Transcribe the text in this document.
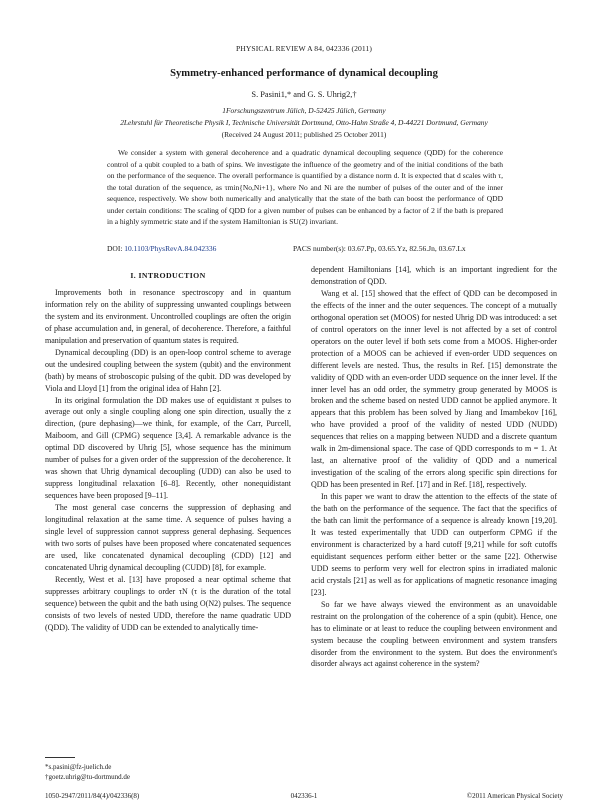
PHYSICAL REVIEW A 84, 042336 (2011)
Symmetry-enhanced performance of dynamical decoupling
S. Pasini1,* and G. S. Uhrig2,†
1Forschungszentrum Jülich, D-52425 Jülich, Germany
2Lehrstuhl für Theoretische Physik I, Technische Universität Dortmund, Otto-Hahn Straße 4, D-44221 Dortmund, Germany
(Received 24 August 2011; published 25 October 2011)

We consider a system with general decoherence and a quadratic dynamical decoupling sequence (QDD) for the coherence control of a qubit coupled to a bath of spins. We investigate the influence of the geometry and of the initial conditions of the bath on the performance of the sequence. The overall performance is quantified by a distance norm d. It is expected that d scales with τ, the total duration of the sequence, as τmin{No,Ni+1}, where No and Ni are the number of pulses of the outer and of the inner sequence, respectively. We show both numerically and analytically that the state of the bath can boost the performance of QDD under certain conditions: The scaling of QDD for a given number of pulses can be enhanced by a factor of 2 if the bath is prepared in a highly symmetric state and if the system Hamiltonian is SU(2) invariant.

DOI: 10.1103/PhysRevA.84.042336	PACS number(s): 03.67.Pp, 03.65.Yz, 82.56.Jn, 03.67.Lx
I. INTRODUCTION

Improvements both in resonance spectroscopy and in quantum information rely on the ability of suppressing unwanted couplings between the system and its environment. Uncontrolled couplings are often the origin of phase accumulation and, in general, of decoherence. Therefore, a faithful manipulation and preservation of quantum states is required.

Dynamical decoupling (DD) is an open-loop control scheme to average out the undesired coupling between the system (qubit) and the environment (bath) by means of stroboscopic pulsing of the qubit. DD was developed by Viola and Lloyd [1] from the original idea of Hahn [2].

In its original formulation the DD makes use of equidistant π pulses to average out only a single coupling along one spin direction, usually the z direction, (pure dephasing)—we think, for example, of the Carr, Purcell, Maiboom, and Gill (CPMG) sequence [3,4]. A remarkable advance is the optimal DD discovered by Uhrig [5], whose sequence has the minimum number of pulses for a given order of the suppression of the decoherence. It was shown that Uhrig dynamical decoupling (UDD) can also be used to suppress longitudinal relaxation [6–8]. Recently, other nonequidistant sequences have been proposed [9–11].

The most general case concerns the suppression of dephasing and longitudinal relaxation at the same time. A sequence of pulses having a single level of suppression cannot suppress general dephasing. Sequences with two sorts of pulses have been proposed where concatenated sequences are used, like concatenated dynamical decoupling (CDD) [12] and concatenated Uhrig dynamical decoupling (CUDD) [8], for example.

Recently, West et al. [13] have proposed a near optimal scheme that suppresses arbitrary couplings to order τN (τ is the duration of the total sequence) between the qubit and the bath using O(N2) pulses. The sequence consists of two levels of nested UDD, therefore the name quadratic UDD (QDD). The validity of UDD can be extended to analytically time-

dependent Hamiltonians [14], which is an important ingredient for the demonstration of QDD.

Wang et al. [15] showed that the effect of QDD can be decomposed in the effects of the inner and the outer sequences. The concept of a mutually orthogonal operation set (MOOS) for nested Uhrig DD was introduced: a set of control operators on the inner level is not affected by a set of control operators on the outer level if both sets come from a MOOS. Higher-order protection of a MOOS can be achieved if even-order UDD sequences on different levels are nested. Thus, the results in Ref. [15] demonstrate the validity of QDD with an even-order UDD sequence on the inner level. If the inner level has an odd order, the symmetry group generated by MOOS is broken and the scheme based on nested UDD cannot be applied anymore. It appears that this problem has been solved by Jiang and Imambekov [16], who have provided a proof of the validity of nested UDD (NUDD) sequences that relies on a mapping between NUDD and a discrete quantum walk in 2m-dimensional space. The case of QDD corresponds to m = 1. At last, an alternative proof of the validity of QDD and a numerical investigation of the scaling of the errors along specific spin directions for QDD has been presented in Ref. [17] and in Ref. [18], respectively.

In this paper we want to draw the attention to the effects of the state of the bath on the performance of the sequence. The fact that the specifics of the bath can limit the performance of a sequence is already known [19,20]. It was tested experimentally that UDD can outperform CPMG if the environment is characterized by a hard cutoff [9,21] while for soft cutoffs equidistant sequences perform either better or the same [22]. Otherwise UDD seems to perform very well for electron spins in irradiated malonic acid crystals [21] as well as for applications of magnetic resonance imaging [23].

So far we have always viewed the environment as an unavoidable restraint on the prolongation of the coherence of a spin (qubit). Hence, one has to eliminate or at least to reduce the coupling between environment and system because the coupling between environment and system transfers disorder from the environment to the system. But does the environment's disorder always act against coherence in the system?

*s.pasini@fz-juelich.de
†goetz.uhrig@tu-dortmund.de
1050-2947/2011/84(4)/042336(8)	042336-1	©2011 American Physical Society
